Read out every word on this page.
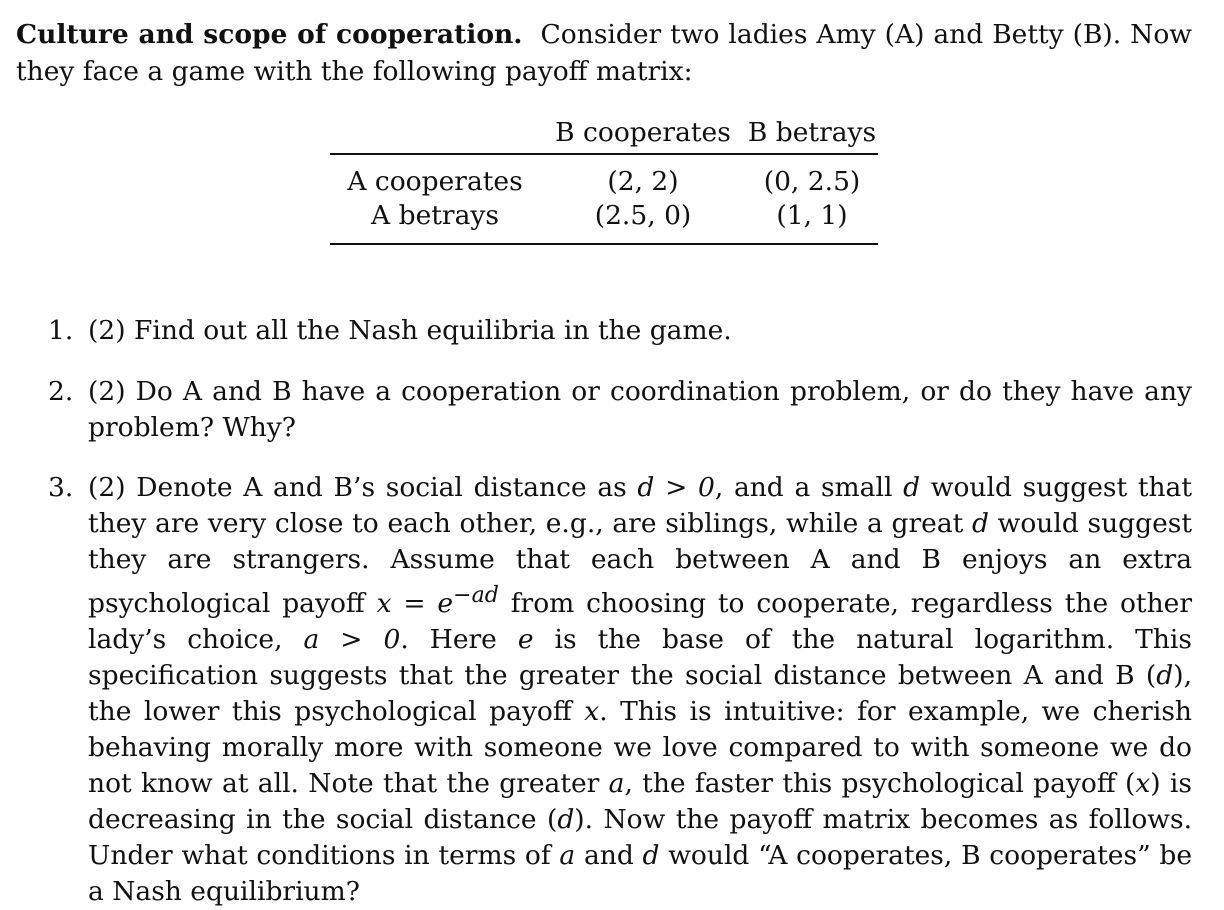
Culture and scope of cooperation. Consider two ladies Amy (A) and Betty (B). Now they face a game with the following payoff matrix:
	B cooperates	B betrays
A cooperates	(2, 2)	(0, 2.5)
A betrays	(2.5, 0)	(1, 1)
1. (2) Find out all the Nash equilibria in the game.
2. (2) Do A and B have a cooperation or coordination problem, or do they have any problem? Why?
3. (2) Denote A and B’s social distance as d > 0, and a small d would suggest that they are very close to each other, e.g., are siblings, while a great d would suggest they are strangers. Assume that each between A and B enjoys an extra psychological payoff $x = e^{-ad}$ from choosing to cooperate, regardless the other lady’s choice, a > 0. Here e is the base of the natural logarithm. This specification suggests that the greater the social distance between A and B (d), the lower this psychological payoff x. This is intuitive: for example, we cherish behaving morally more with someone we love compared to with someone we do not know at all. Note that the greater a, the faster this psychological payoff (x) is decreasing in the social distance (d). Now the payoff matrix becomes as follows. Under what conditions in terms of a and d would “A cooperates, B cooperates” be a Nash equilibrium?
